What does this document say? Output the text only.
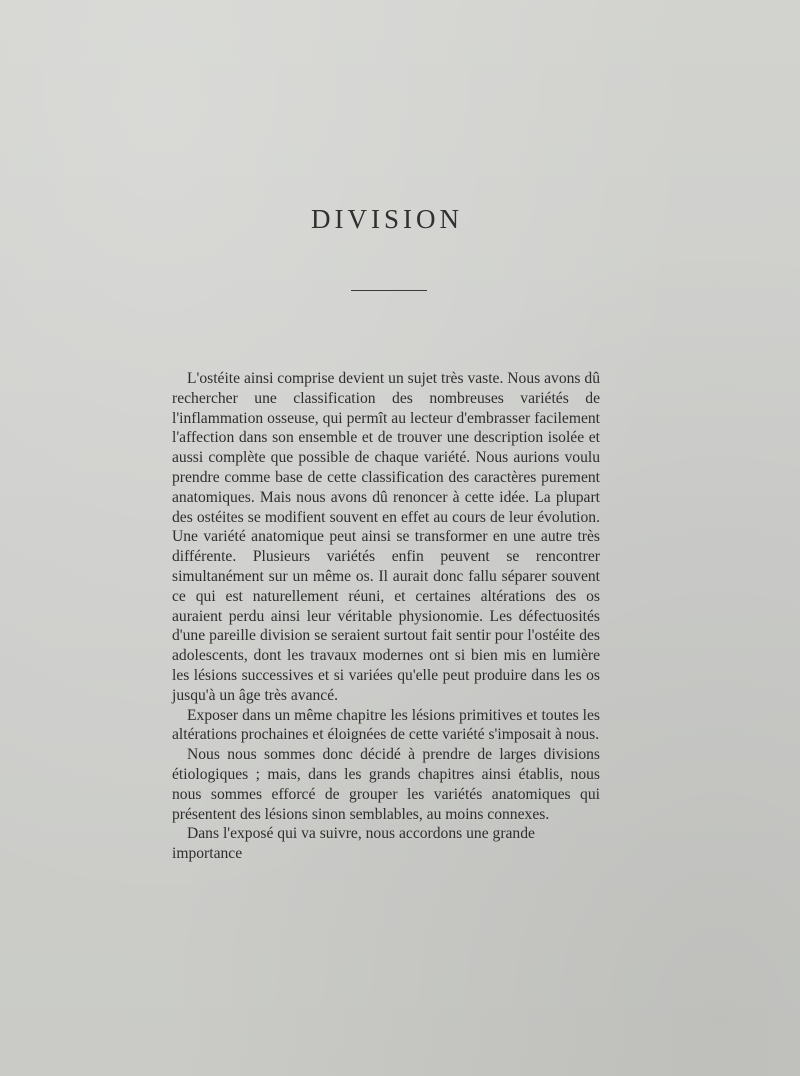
DIVISION

L'ostéite ainsi comprise devient un sujet très vaste. Nous avons dû rechercher une classification des nombreuses variétés de l'inflammation osseuse, qui permît au lecteur d'embrasser facilement l'affection dans son ensemble et de trouver une description isolée et aussi complète que possible de chaque variété. Nous aurions voulu prendre comme base de cette classification des caractères purement anatomiques. Mais nous avons dû renoncer à cette idée. La plupart des ostéites se modifient souvent en effet au cours de leur évolution. Une variété anatomique peut ainsi se transformer en une autre très différente. Plusieurs variétés enfin peuvent se rencontrer simultanément sur un même os. Il aurait donc fallu séparer souvent ce qui est naturellement réuni, et certaines altérations des os auraient perdu ainsi leur véritable physionomie. Les défectuosités d'une pareille division se seraient surtout fait sentir pour l'ostéite des adolescents, dont les travaux modernes ont si bien mis en lumière les lésions successives et si variées qu'elle peut produire dans les os jusqu'à un âge très avancé.

Exposer dans un même chapitre les lésions primitives et toutes les altérations prochaines et éloignées de cette variété s'imposait à nous.

Nous nous sommes donc décidé à prendre de larges divisions étiologiques ; mais, dans les grands chapitres ainsi établis, nous nous sommes efforcé de grouper les variétés anatomiques qui présentent des lésions sinon semblables, au moins connexes.

Dans l'exposé qui va suivre, nous accordons une grande importance
